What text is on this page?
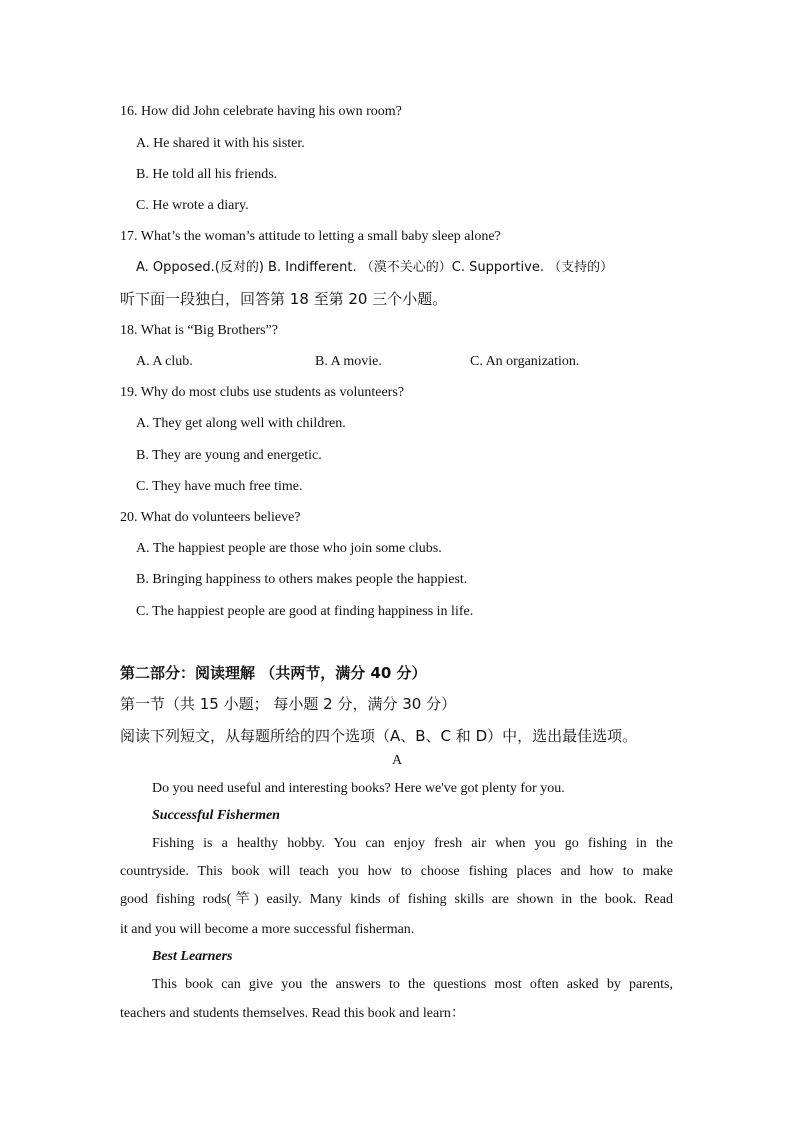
16. How did John celebrate having his own room?
A. He shared it with his sister.
B. He told all his friends.
C. He wrote a diary.
17. What’s the woman’s attitude to letting a small baby sleep alone?
A. Opposed.(反对的) B. Indifferent. （漠不关心的）C. Supportive. （支持的）
听下面一段独白，回答第 18 至第 20 三个小题。
18. What is “Big Brothers”?
A. A club.	B. A movie.	C. An organization.
19. Why do most clubs use students as volunteers?
A. They get along well with children.
B. They are young and energetic.
C. They have much free time.
20. What do volunteers believe?
A. The happiest people are those who join some clubs.
B. Bringing happiness to others makes people the happiest.
C. The happiest people are good at finding happiness in life.
第二部分：阅读理解 （共两节，满分 40 分）
第一节（共 15 小题； 每小题 2 分，满分 30 分）
阅读下列短文，从每题所给的四个选项（A、B、C 和 D）中，选出最佳选项。
A
Do you need useful and interesting books? Here we've got plenty for you.
Successful Fishermen
Fishing is a healthy hobby. You can enjoy fresh air when you go fishing in the
countryside. This book will teach you how to choose fishing places and how to make
good fishing rods(竿) easily. Many kinds of fishing skills are shown in the book. Read
it and you will become a more successful fisherman.
Best Learners
This book can give you the answers to the questions most often asked by parents,
teachers and students themselves. Read this book and learn：
